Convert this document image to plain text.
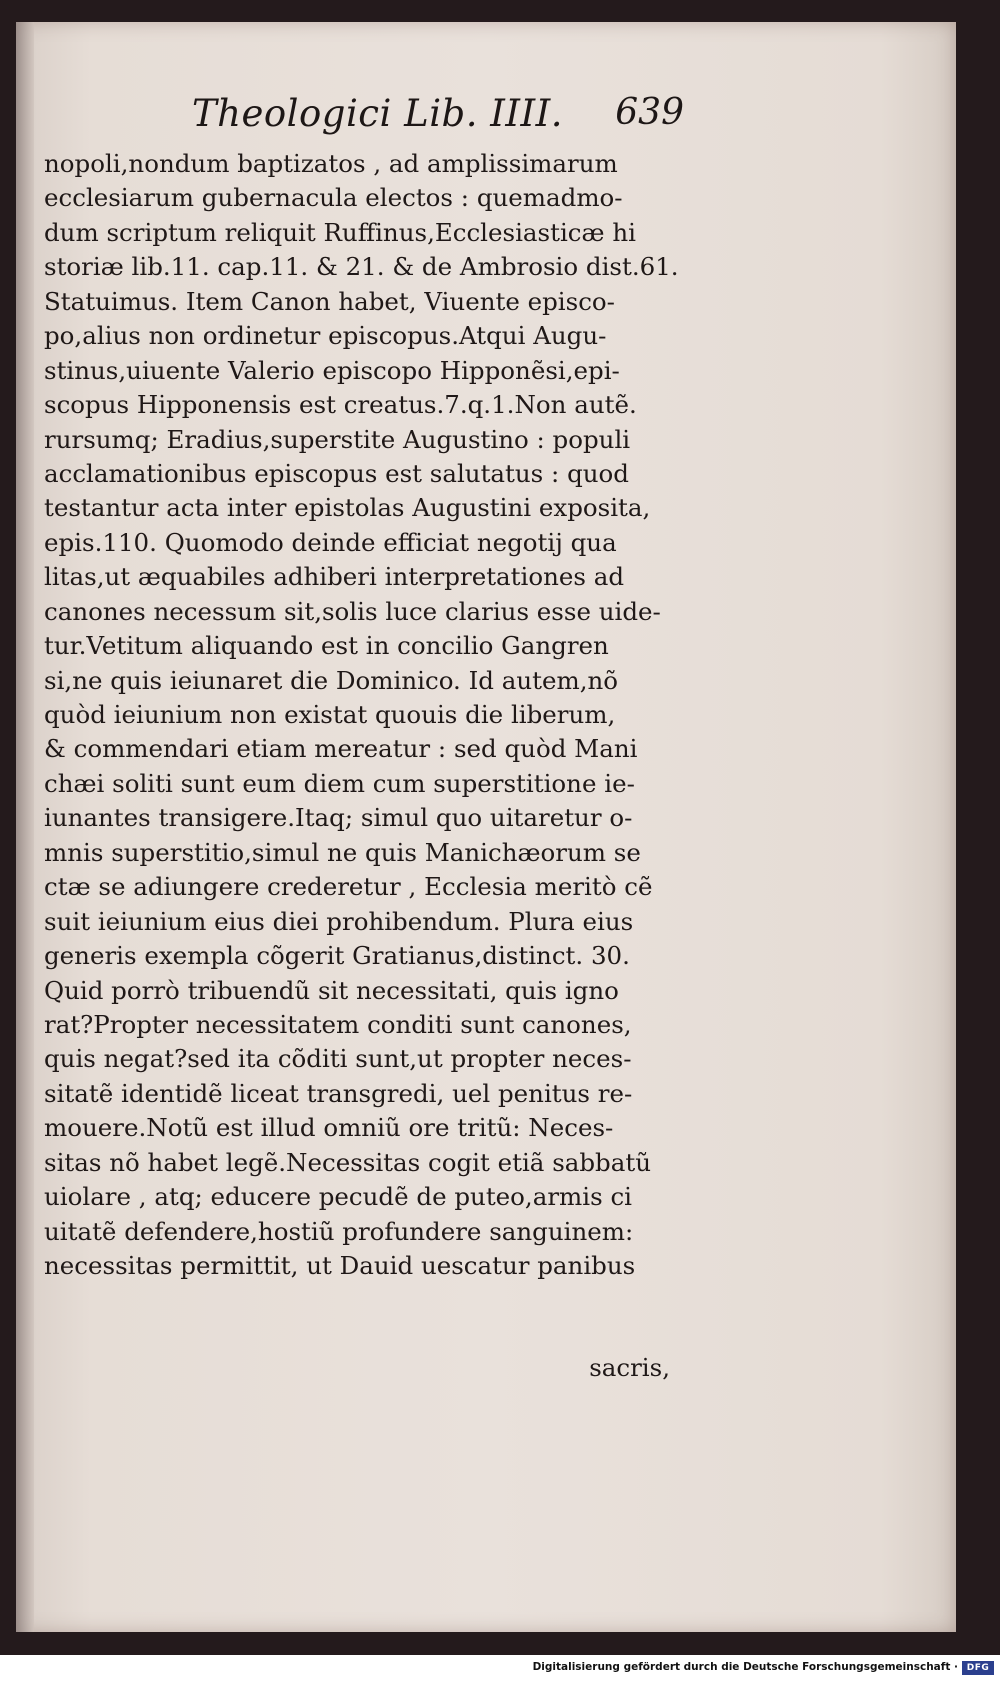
Theologici Lib. IIII. 639
nopoli,nondum baptizatos , ad amplissimarum
ecclesiarum gubernacula electos : quemadmo-
dum scriptum reliquit Ruffinus,Ecclesiasticæ hi
storiæ lib.11. cap.11. & 21. & de Ambrosio dist.61.
Statuimus. Item Canon habet, Viuente episco-
po,alius non ordinetur episcopus.Atqui Augu-
stinus,uiuente Valerio episcopo Hipponẽsi,epi-
scopus Hipponensis est creatus.7.q.1.Non autẽ.
rursumq; Eradius,superstite Augustino : populi
acclamationibus episcopus est salutatus : quod
testantur acta inter epistolas Augustini exposita,
epis.110. Quomodo deinde efficiat negotij qua
litas,ut æquabiles adhiberi interpretationes ad
canones necessum sit,solis luce clarius esse uide-
tur.Vetitum aliquando est in concilio Gangren
si,ne quis ieiunaret die Dominico. Id autem,nõ
quòd ieiunium non existat quouis die liberum,
& commendari etiam mereatur : sed quòd Mani
chæi soliti sunt eum diem cum superstitione ie-
iunantes transigere.Itaq; simul quo uitaretur o-
mnis superstitio,simul ne quis Manichæorum se
ctæ se adiungere crederetur , Ecclesia meritò cẽ
suit ieiunium eius diei prohibendum. Plura eius
generis exempla cõgerit Gratianus,distinct. 30.
Quid porrò tribuendũ sit necessitati, quis igno
rat?Propter necessitatem conditi sunt canones,
quis negat?sed ita cõditi sunt,ut propter neces-
sitatẽ identidẽ liceat transgredi, uel penitus re-
mouere.Notũ est illud omniũ ore tritũ: Neces-
sitas nõ habet legẽ.Necessitas cogit etiã sabbatũ
uiolare , atq; educere pecudẽ de puteo,armis ci
uitatẽ defendere,hostiũ profundere sanguinem:
necessitas permittit, ut Dauid uescatur panibus
sacris,
Digitalisierung gefördert durch die Deutsche Forschungsgemeinschaft · DFG
